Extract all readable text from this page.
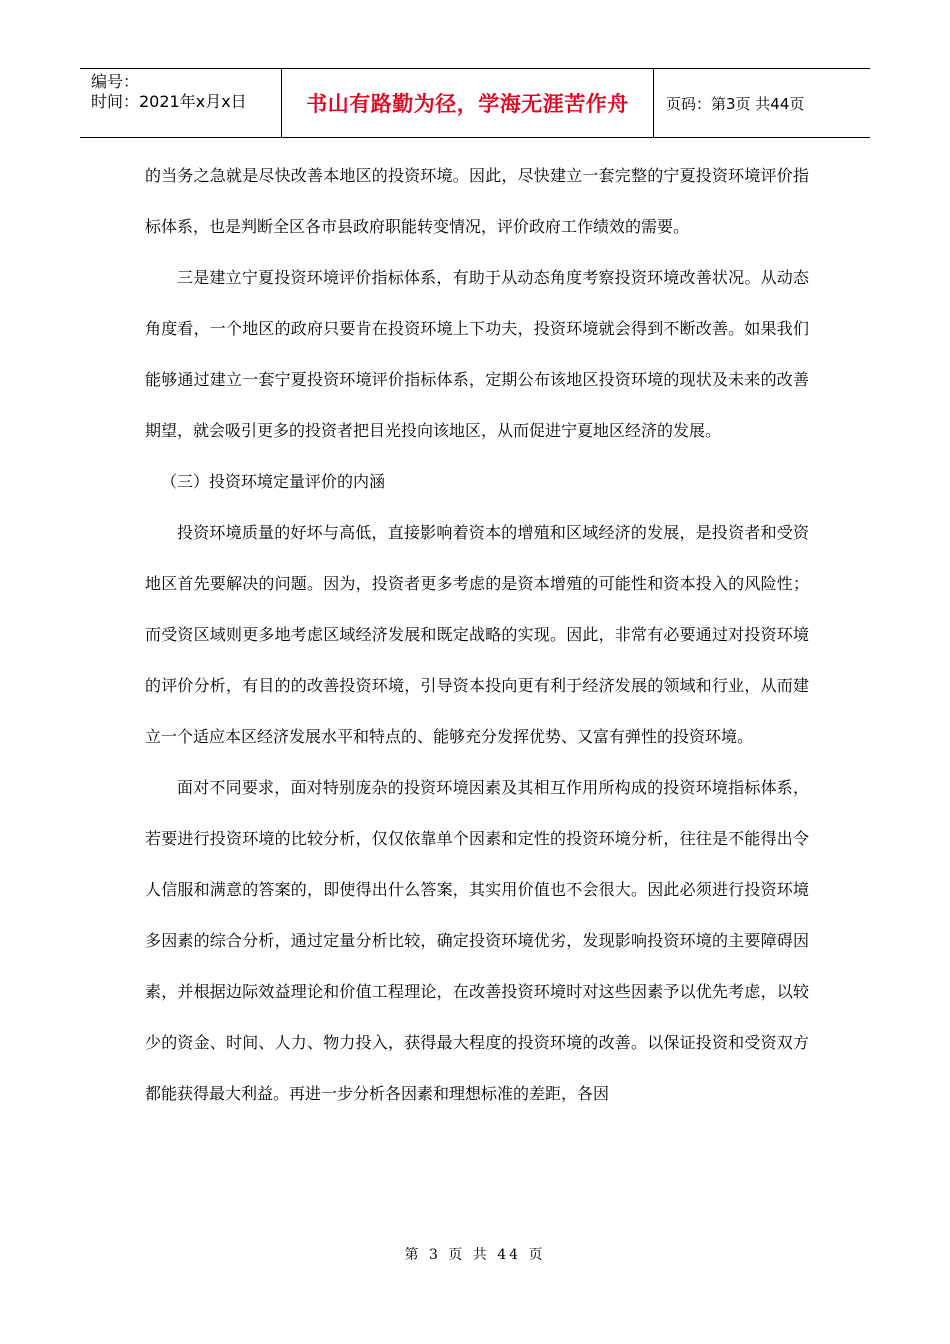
编号：
时间：2021年x月x日	书山有路勤为径，学海无涯苦作舟 页码：第3页 共44页

的当务之急就是尽快改善本地区的投资环境。因此，尽快建立一套完整的宁夏投资环境评价指标体系，也是判断全区各市县政府职能转变情况，评价政府工作绩效的需要。

三是建立宁夏投资环境评价指标体系，有助于从动态角度考察投资环境改善状况。从动态角度看，一个地区的政府只要肯在投资环境上下功夫，投资环境就会得到不断改善。如果我们能够通过建立一套宁夏投资环境评价指标体系，定期公布该地区投资环境的现状及未来的改善期望，就会吸引更多的投资者把目光投向该地区，从而促进宁夏地区经济的发展。

（三）投资环境定量评价的内涵

投资环境质量的好坏与高低，直接影响着资本的增殖和区域经济的发展，是投资者和受资地区首先要解决的问题。因为，投资者更多考虑的是资本增殖的可能性和资本投入的风险性；而受资区域则更多地考虑区域经济发展和既定战略的实现。因此，非常有必要通过对投资环境的评价分析，有目的的改善投资环境，引导资本投向更有利于经济发展的领域和行业，从而建立一个适应本区经济发展水平和特点的、能够充分发挥优势、又富有弹性的投资环境。

面对不同要求，面对特别庞杂的投资环境因素及其相互作用所构成的投资环境指标体系，若要进行投资环境的比较分析，仅仅依靠单个因素和定性的投资环境分析，往往是不能得出令人信服和满意的答案的，即使得出什么答案，其实用价值也不会很大。因此必须进行投资环境多因素的综合分析，通过定量分析比较，确定投资环境优劣，发现影响投资环境的主要障碍因素，并根据边际效益理论和价值工程理论，在改善投资环境时对这些因素予以优先考虑，以较少的资金、时间、人力、物力投入，获得最大程度的投资环境的改善。以保证投资和受资双方都能获得最大利益。再进一步分析各因素和理想标准的差距，各因

第 3 页 共 44 页
